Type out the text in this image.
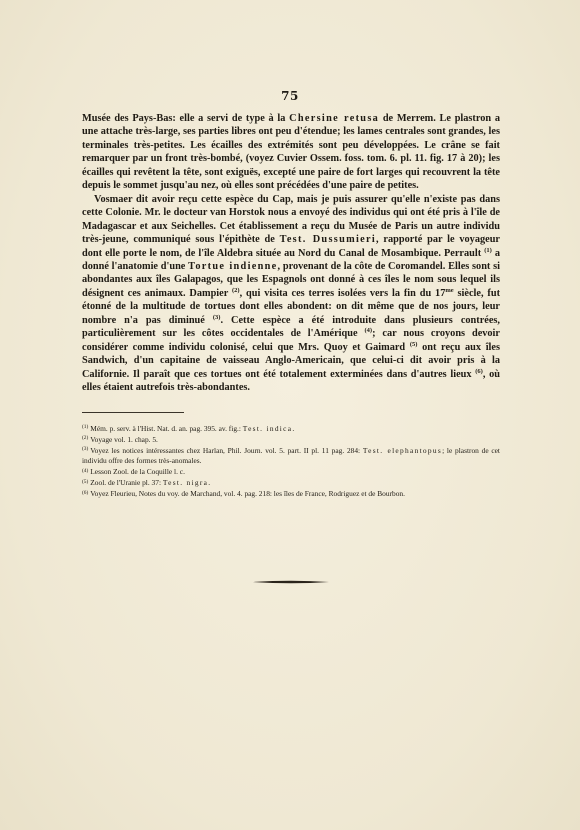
75

Musée des Pays-Bas: elle a servi de type à la Chersine retusa de Merrem. Le plastron a une attache très-large, ses parties libres ont peu d'étendue; les lames centrales sont grandes, les terminales très-petites. Les écailles des extrémités sont peu développées. Le crâne se fait remarquer par un front très-bombé, (voyez Cuvier Ossem. foss. tom. 6. pl. 11. fig. 17 à 20); les écailles qui revêtent la tête, sont exiguës, excepté une paire de fort larges qui recouvrent la tête depuis le sommet jusqu'au nez, où elles sont précédées d'une paire de petites.

Vosmaer dit avoir reçu cette espèce du Cap, mais je puis assurer qu'elle n'existe pas dans cette Colonie. Mr. le docteur van Horstok nous a envoyé des individus qui ont été pris à l'île de Madagascar et aux Seichelles. Cet établissement a reçu du Musée de Paris un autre individu très-jeune, communiqué sous l'épithète de Test. Dussumieri, rapporté par le voyageur dont elle porte le nom, de l'île Aldebra située au Nord du Canal de Mosambique. Perrault $^{(1)}$ a donné l'anatomie d'une Tortue indienne, provenant de la côte de Coromandel. Elles sont si abondantes aux îles Galapagos, que les Espagnols ont donné à ces îles le nom sous lequel ils désignent ces animaux. Dampier $^{(2)}$, qui visita ces terres isolées vers la fin du $17^{me}$ siècle, fut étonné de la multitude de tortues dont elles abondent: on dit même que de nos jours, leur nombre n'a pas diminué $^{(3)}$. Cette espèce a été introduite dans plusieurs contrées, particulièrement sur les côtes occidentales de l'Amérique $^{(4)}$; car nous croyons devoir considérer comme individu colonisé, celui que Mrs. Quoy et Gaimard $^{(5)}$ ont reçu aux îles Sandwich, d'un capitaine de vaisseau Anglo-Americain, que celui-ci dit avoir pris à la Californie. Il paraît que ces tortues ont été totalement exterminées dans d'autres lieux $^{(6)}$, où elles étaient autrefois très-abondantes.

$^{(1)}$ Mém. p. serv. à l'Hist. Nat. d. an. pag. 395. av. fig.: Test. indica.
$^{(2)}$ Voyage vol. 1. chap. 5.
$^{(3)}$ Voyez les notices intéressantes chez Harlan, Phil. Journ. vol. 5. part. II pl. 11 pag. 284: Test. elephantopus; le plastron de cet individu offre des formes très-anomales.
$^{(4)}$ Lesson Zool. de la Coquille l. c.
$^{(5)}$ Zool. de l'Uranie pl. 37: Test. nigra.
$^{(6)}$ Voyez Fleurieu, Notes du voy. de Marchand, vol. 4. pag. 218: les îles de France, Rodriguez et de Bourbon.
